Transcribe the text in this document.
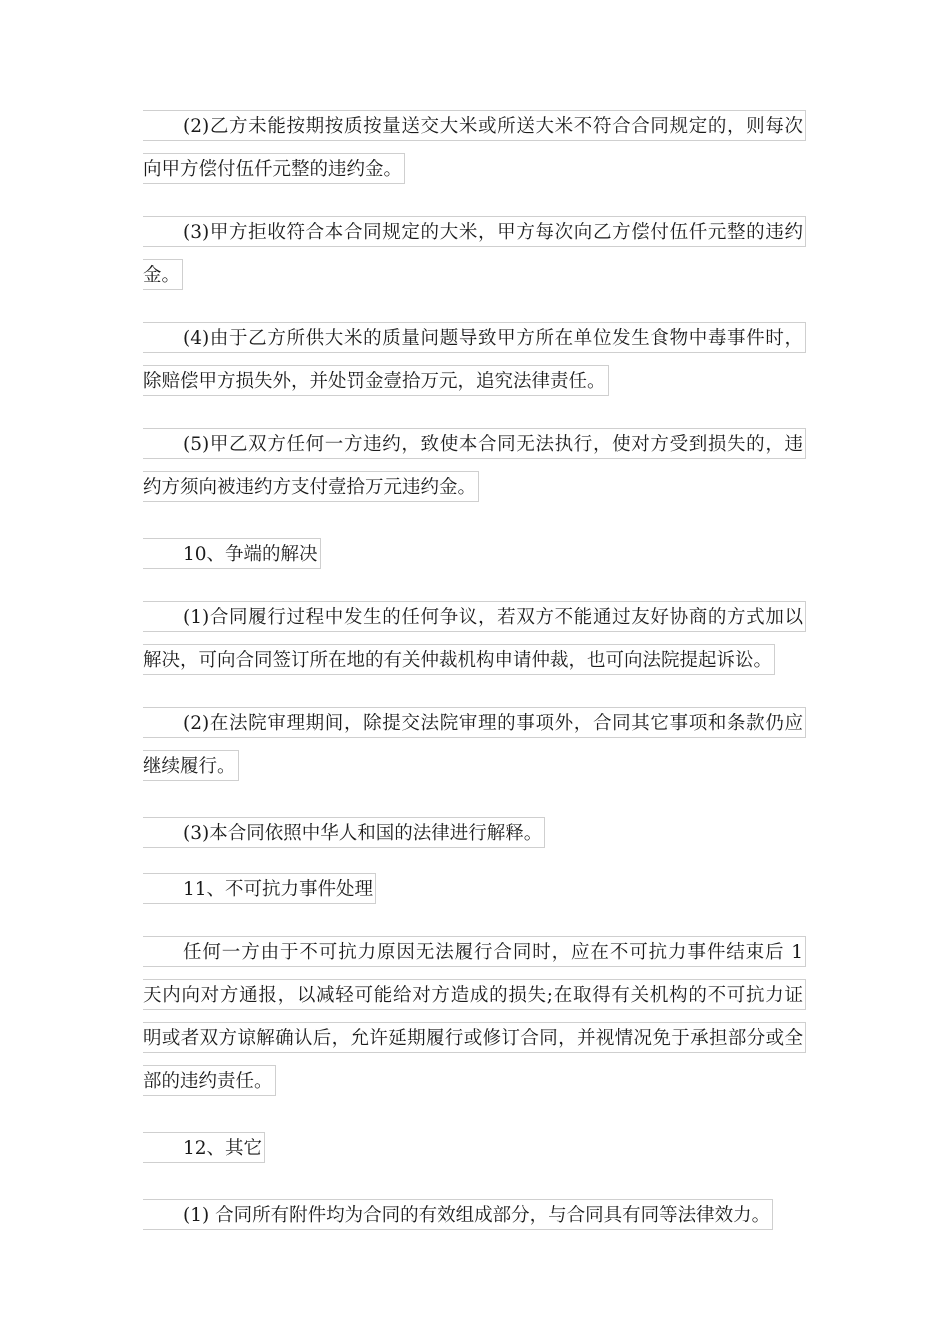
(2)乙方未能按期按质按量送交大米或所送大米不符合合同规定的，则每次
向甲方偿付伍仟元整的违约金。
(3)甲方拒收符合本合同规定的大米，甲方每次向乙方偿付伍仟元整的违约
金。
(4)由于乙方所供大米的质量问题导致甲方所在单位发生食物中毒事件时，
除赔偿甲方损失外，并处罚金壹拾万元，追究法律责任。
(5)甲乙双方任何一方违约，致使本合同无法执行，使对方受到损失的，违
约方须向被违约方支付壹拾万元违约金。
10、争端的解决
(1)合同履行过程中发生的任何争议，若双方不能通过友好协商的方式加以
解决，可向合同签订所在地的有关仲裁机构申请仲裁，也可向法院提起诉讼。
(2)在法院审理期间，除提交法院审理的事项外，合同其它事项和条款仍应
继续履行。
(3)本合同依照中华人和国的法律进行解释。
11、不可抗力事件处理
任何一方由于不可抗力原因无法履行合同时，应在不可抗力事件结束后 1
天内向对方通报，以减轻可能给对方造成的损失;在取得有关机构的不可抗力证
明或者双方谅解确认后，允许延期履行或修订合同，并视情况免于承担部分或全
部的违约责任。
12、其它
(1) 合同所有附件均为合同的有效组成部分，与合同具有同等法律效力。
